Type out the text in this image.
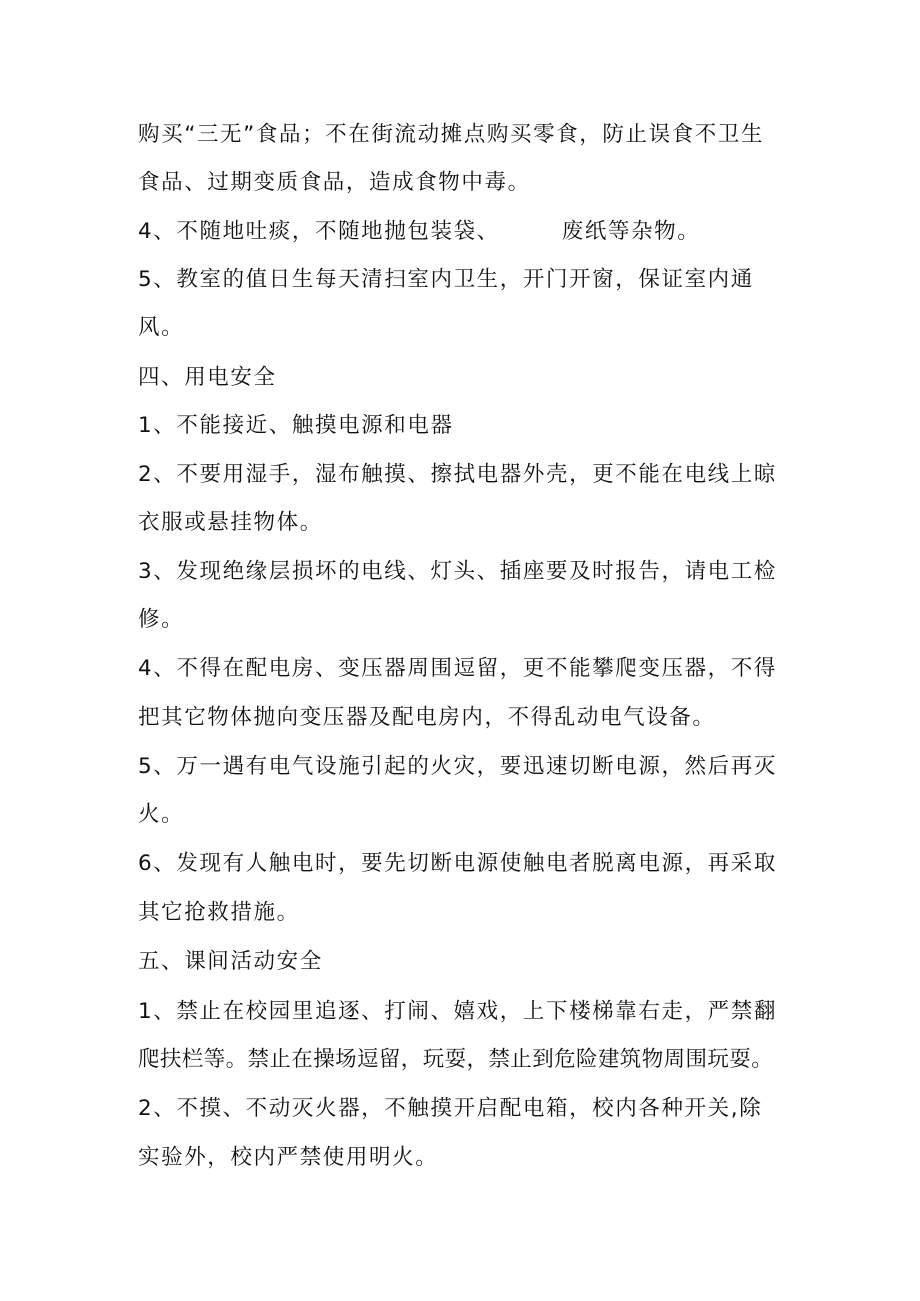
购买“三无”食品；不在街流动摊点购买零食，防止误食不卫生
食品、过期变质食品，造成食物中毒。
4、不随地吐痰，不随地抛包装袋、	废纸等杂物。
5、教室的值日生每天清扫室内卫生，开门开窗，保证室内通
风。
四、用电安全
1、不能接近、触摸电源和电器
2、不要用湿手，湿布触摸、擦拭电器外壳，更不能在电线上晾
衣服或悬挂物体。
3、发现绝缘层损坏的电线、灯头、插座要及时报告，请电工检
修。
4、不得在配电房、变压器周围逗留，更不能攀爬变压器，不得
把其它物体抛向变压器及配电房内，不得乱动电气设备。
5、万一遇有电气设施引起的火灾，要迅速切断电源，然后再灭
火。
6、发现有人触电时，要先切断电源使触电者脱离电源，再采取
其它抢救措施。
五、课间活动安全
1、禁止在校园里追逐、打闹、嬉戏，上下楼梯靠右走，严禁翻
爬扶栏等。禁止在操场逗留，玩耍，禁止到危险建筑物周围玩耍。
2、不摸、不动灭火器，不触摸开启配电箱，校内各种开关,除
实验外，校内严禁使用明火。
